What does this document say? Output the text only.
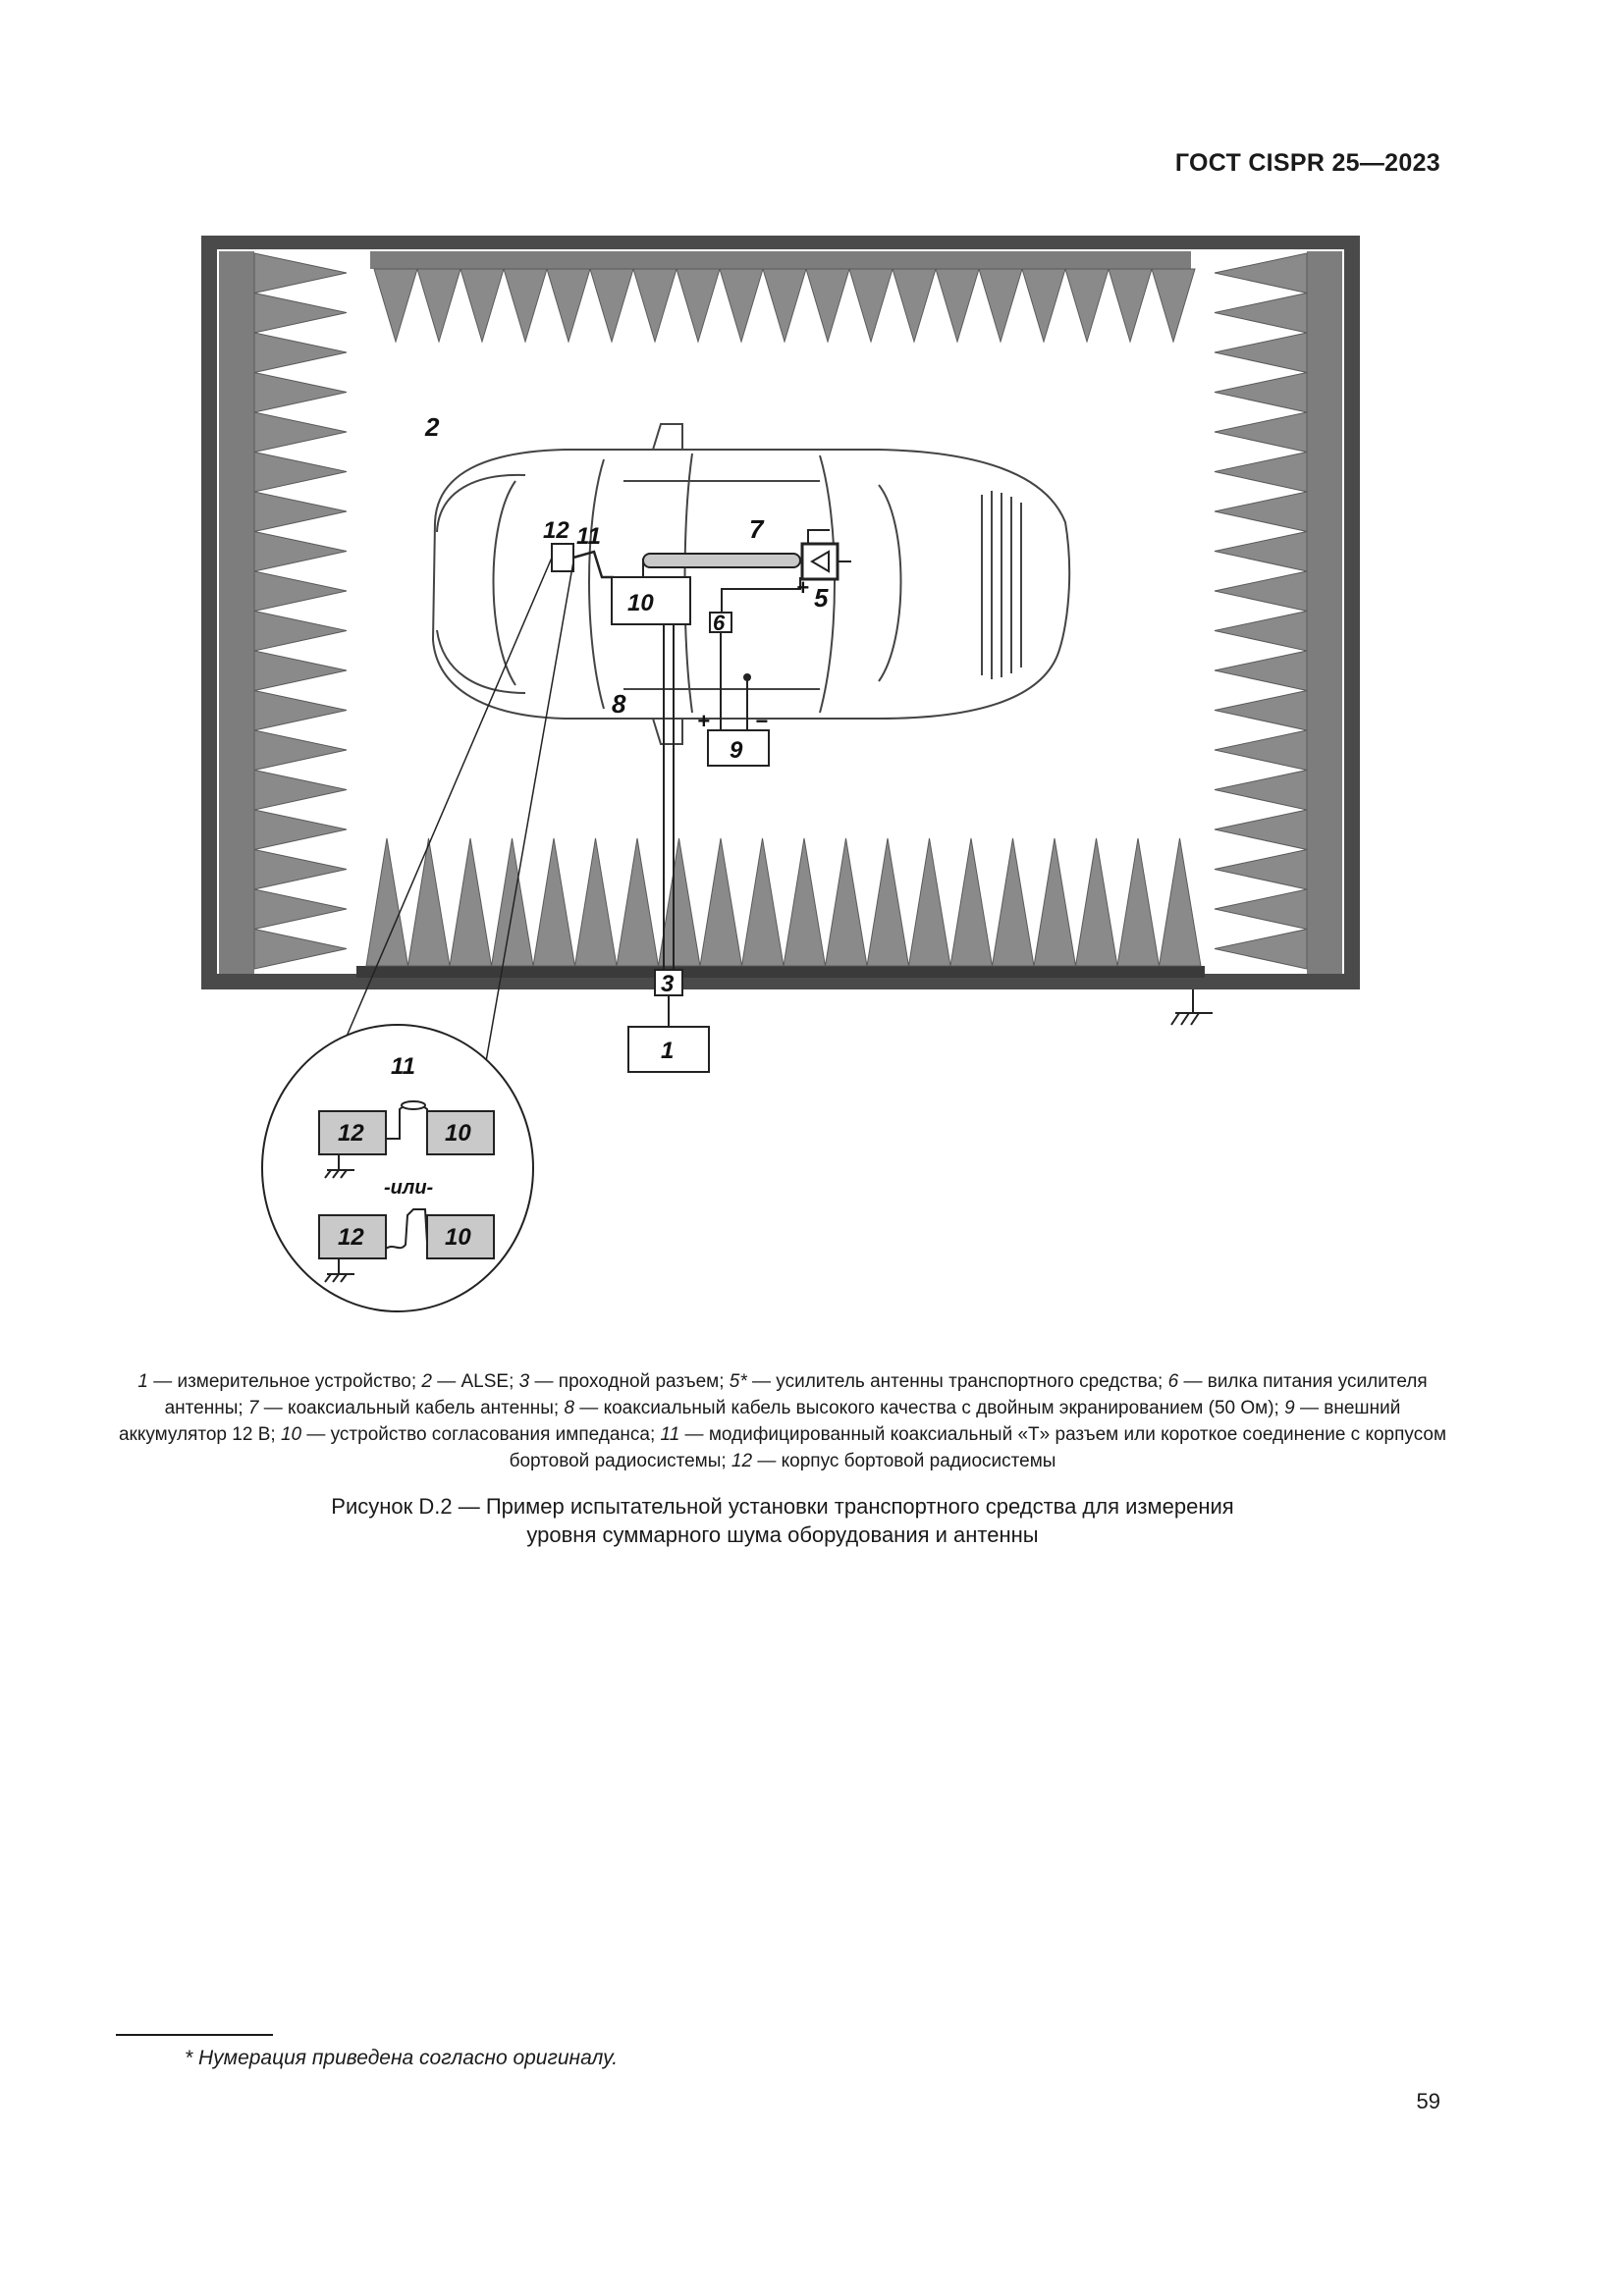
ГОСТ CISPR 25—2023
2
12 11	7
10
+ 5
6
8
+ −
9
3
1
11
12	10
-или-
12	10
1 — измерительное устройство; 2 — ALSE; 3 — проходной разъем; 5* — усилитель антенны транспортного средства; 6 — вилка питания усилителя антенны; 7 — коаксиальный кабель антенны; 8 — коаксиальный кабель высокого качества с двойным экранированием (50 Ом); 9 — внешний аккумулятор 12 В; 10 — устройство согласования импеданса; 11 — модифицированный коаксиальный «T» разъем или короткое соединение с корпусом бортовой радиосистемы; 12 — корпус бортовой радиосистемы
Рисунок D.2 — Пример испытательной установки транспортного средства для измерения
уровня суммарного шума оборудования и антенны
* Нумерация приведена согласно оригиналу.
59
